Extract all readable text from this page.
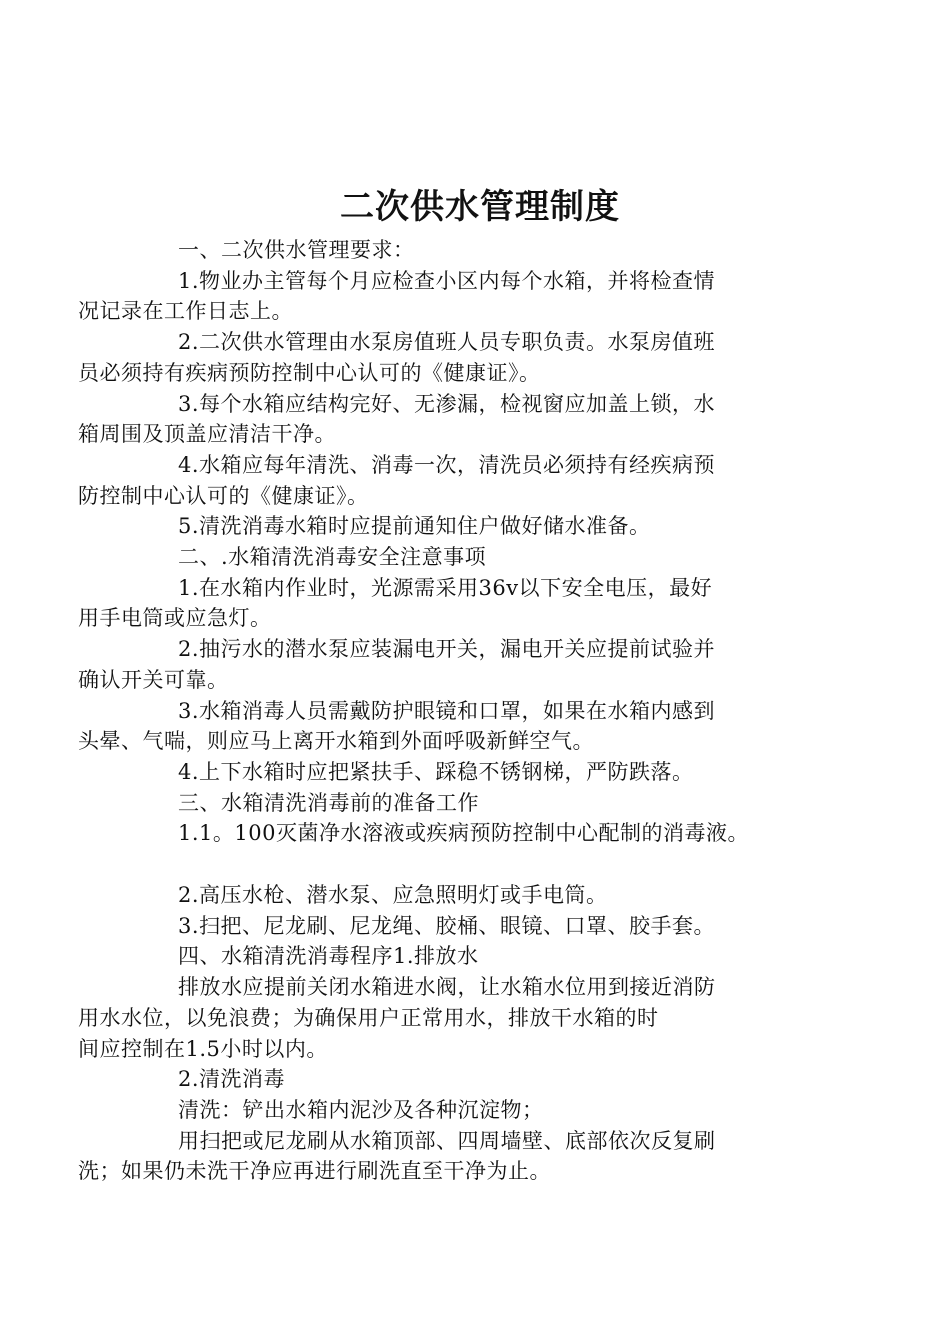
二次供水管理制度
一、二次供水管理要求：
1.物业办主管每个月应检查小区内每个水箱，并将检查情
况记录在工作日志上。
2.二次供水管理由水泵房值班人员专职负责。水泵房值班
员必须持有疾病预防控制中心认可的《健康证》。
3.每个水箱应结构完好、无渗漏，检视窗应加盖上锁，水
箱周围及顶盖应清洁干净。
4.水箱应每年清洗、消毒一次，清洗员必须持有经疾病预
防控制中心认可的《健康证》。
5.清洗消毒水箱时应提前通知住户做好储水准备。
二、.水箱清洗消毒安全注意事项
1.在水箱内作业时，光源需采用36v以下安全电压，最好
用手电筒或应急灯。
2.抽污水的潜水泵应装漏电开关，漏电开关应提前试验并
确认开关可靠。
3.水箱消毒人员需戴防护眼镜和口罩，如果在水箱内感到
头晕、气喘，则应马上离开水箱到外面呼吸新鲜空气。
4.上下水箱时应把紧扶手、踩稳不锈钢梯，严防跌落。
三、水箱清洗消毒前的准备工作
1.1。100灭菌净水溶液或疾病预防控制中心配制的消毒液。
2.高压水枪、潜水泵、应急照明灯或手电筒。
3.扫把、尼龙刷、尼龙绳、胶桶、眼镜、口罩、胶手套。
四、水箱清洗消毒程序1.排放水
排放水应提前关闭水箱进水阀，让水箱水位用到接近消防
用水水位，以免浪费；为确保用户正常用水，排放干水箱的时
间应控制在1.5小时以内。
2.清洗消毒
清洗：铲出水箱内泥沙及各种沉淀物；
用扫把或尼龙刷从水箱顶部、四周墙壁、底部依次反复刷
洗；如果仍未洗干净应再进行刷洗直至干净为止。
